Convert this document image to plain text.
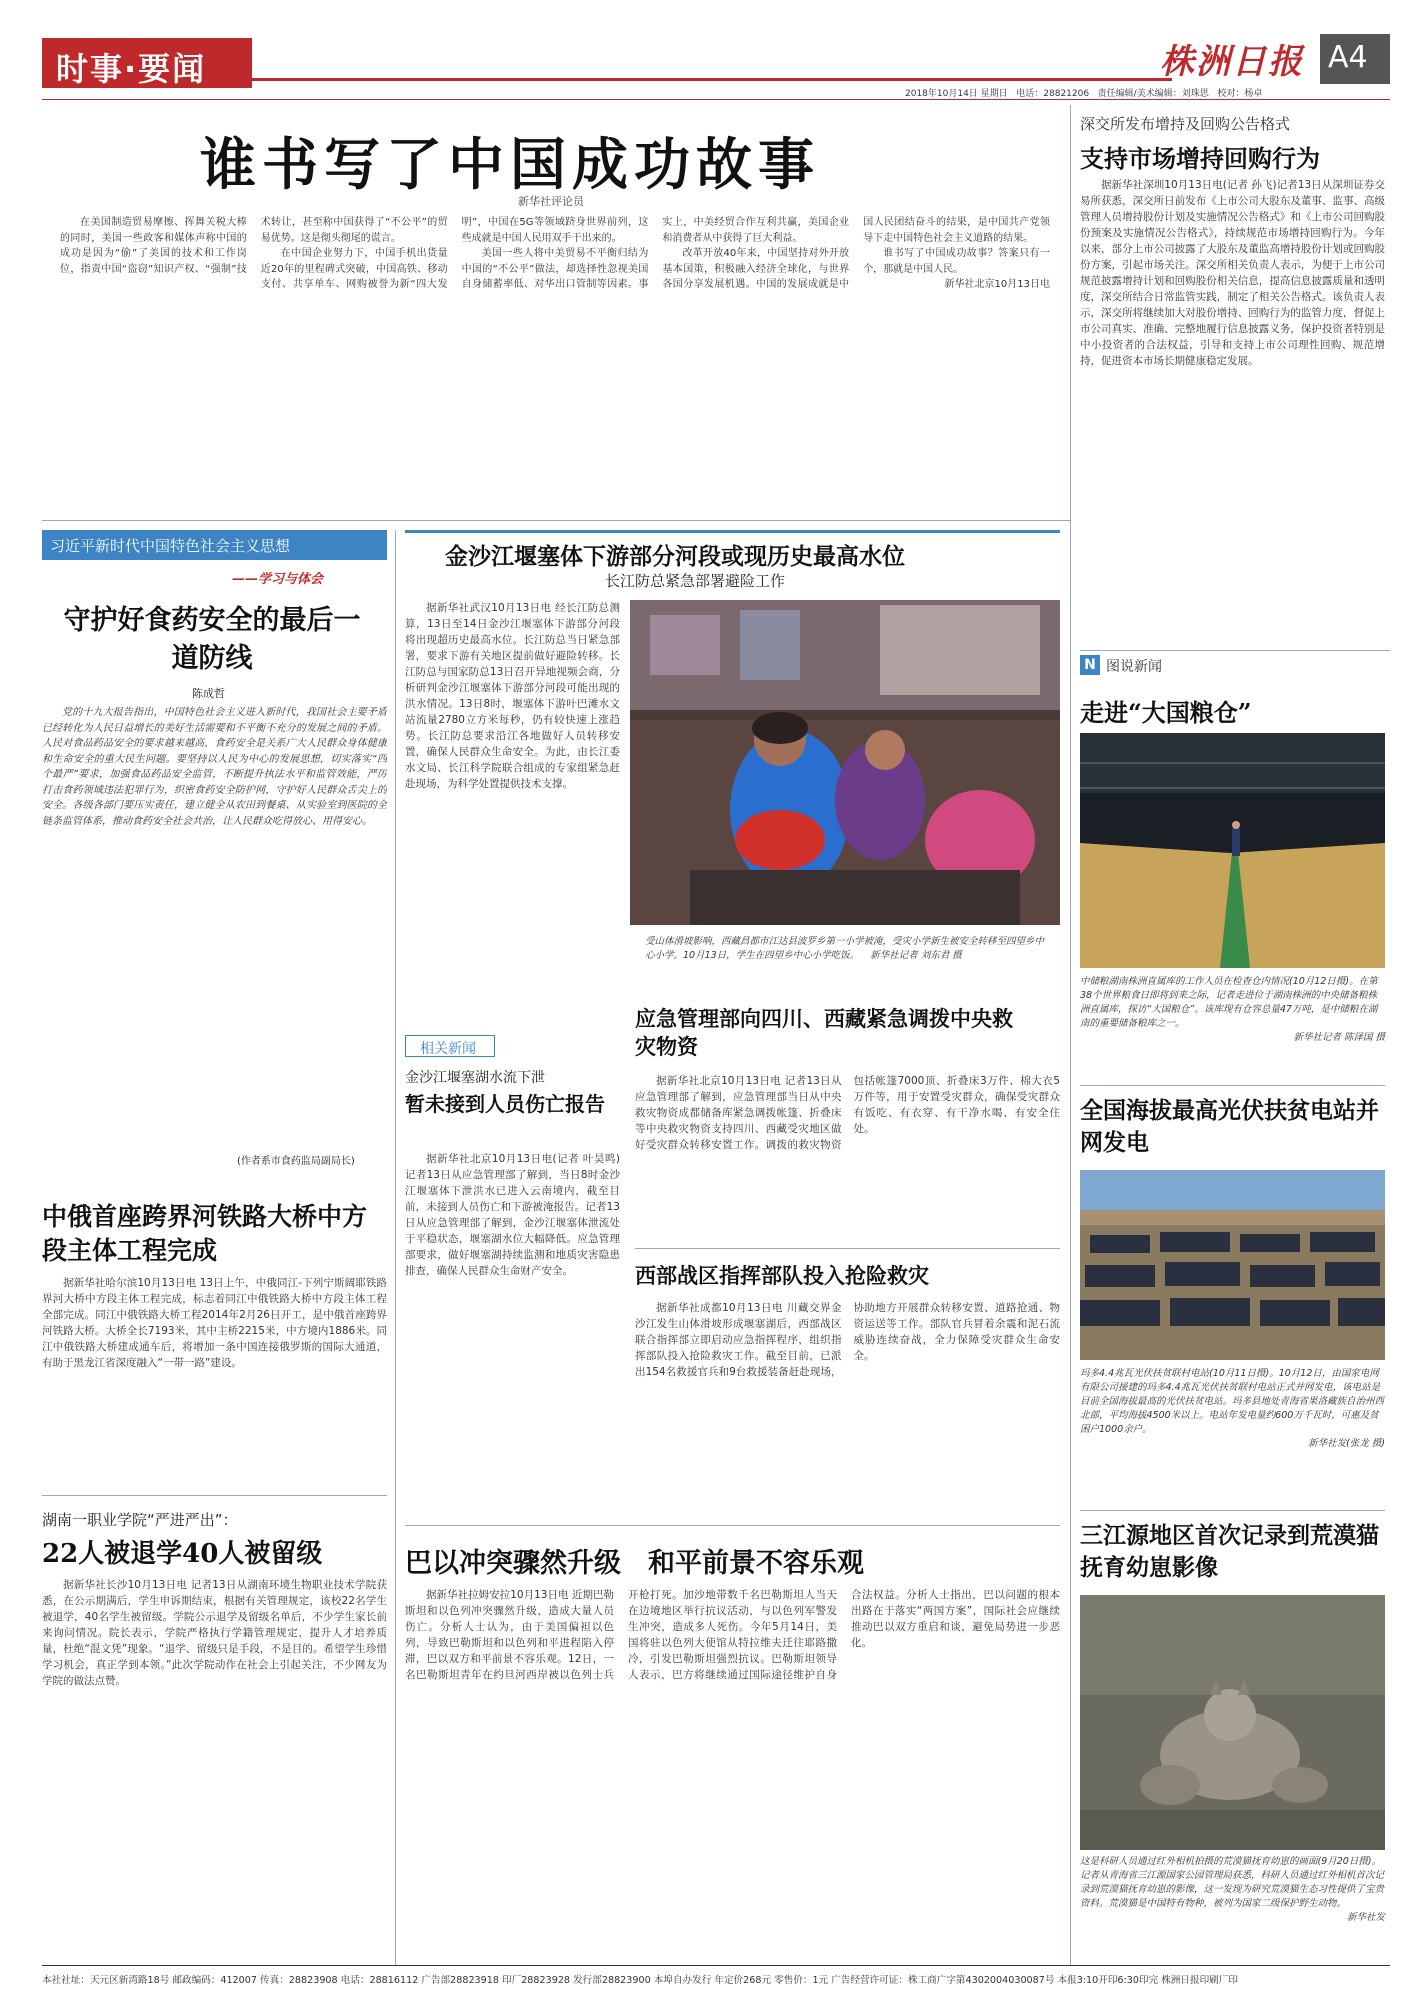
时事·要闻	株洲日报 A4
2018年10月14日 星期日 电话：28821206 责任编辑/美术编辑：刘珠思 校对：杨卓
谁书写了中国成功故事
新华社评论员

在美国制造贸易摩擦、挥舞关税大棒的同时，美国一些政客和媒体声称中国的成功是因为“偷”了美国的技术和工作岗位，指责中国“盗窃”知识产权、“强制”技术转让，甚至称中国获得了“不公平”的贸易优势。这是彻头彻尾的谎言。

在中国企业努力下，中国手机出货量近20年的里程碑式突破，中国高铁、移动支付、共享单车、网购被誉为新“四大发明”，中国在5G等领域跻身世界前列，这些成就是中国人民用双手干出来的。

美国一些人将中美贸易不平衡归结为中国的“不公平”做法，却选择性忽视美国自身储蓄率低、对华出口管制等因素。事实上，中美经贸合作互利共赢，美国企业和消费者从中获得了巨大利益。

改革开放40年来，中国坚持对外开放基本国策，积极融入经济全球化，与世界各国分享发展机遇。中国的发展成就是中国人民团结奋斗的结果，是中国共产党领导下走中国特色社会主义道路的结果。

谁书写了中国成功故事？答案只有一个，那就是中国人民。

新华社北京10月13日电

深交所发布增持及回购公告格式
支持市场增持回购行为
据新华社深圳10月13日电(记者 孙飞)记者13日从深圳证券交易所获悉，深交所日前发布《上市公司大股东及董事、监事、高级管理人员增持股份计划及实施情况公告格式》和《上市公司回购股份预案及实施情况公告格式》，持续规范市场增持回购行为。今年以来，部分上市公司披露了大股东及董监高增持股份计划或回购股份方案，引起市场关注。深交所相关负责人表示，为便于上市公司规范披露增持计划和回购股份相关信息，提高信息披露质量和透明度，深交所结合日常监管实践，制定了相关公告格式。该负责人表示，深交所将继续加大对股份增持、回购行为的监管力度，督促上市公司真实、准确、完整地履行信息披露义务，保护投资者特别是中小投资者的合法权益，引导和支持上市公司理性回购、规范增持，促进资本市场长期健康稳定发展。
习近平新时代中国特色社会主义思想
——学习与体会
守护好食药安全的最后一道防线
陈成哲
党的十九大报告指出，中国特色社会主义进入新时代，我国社会主要矛盾已经转化为人民日益增长的美好生活需要和不平衡不充分的发展之间的矛盾。人民对食品药品安全的要求越来越高，食药安全是关系广大人民群众身体健康和生命安全的重大民生问题。要坚持以人民为中心的发展思想，切实落实“四个最严”要求，加强食品药品安全监管，不断提升执法水平和监管效能，严厉打击食药领域违法犯罪行为，织密食药安全防护网，守护好人民群众舌尖上的安全。各级各部门要压实责任，建立健全从农田到餐桌、从实验室到医院的全链条监管体系，推动食药安全社会共治，让人民群众吃得放心、用得安心。
(作者系市食药监局副局长)
中俄首座跨界河铁路大桥中方段主体工程完成
据新华社哈尔滨10月13日电 13日上午，中俄同江-下列宁斯阔耶铁路界河大桥中方段主体工程完成，标志着同江中俄铁路大桥中方段主体工程全部完成。同江中俄铁路大桥工程2014年2月26日开工，是中俄首座跨界河铁路大桥。大桥全长7193米，其中主桥2215米，中方境内1886米。同江中俄铁路大桥建成通车后，将增加一条中国连接俄罗斯的国际大通道，有助于黑龙江省深度融入“一带一路”建设。
湖南一职业学院“严进严出”：
22人被退学40人被留级
据新华社长沙10月13日电 记者13日从湖南环境生物职业技术学院获悉，在公示期满后，学生申诉期结束，根据有关管理规定，该校22名学生被退学，40名学生被留级。学院公示退学及留级名单后，不少学生家长前来询问情况。院长表示，学院严格执行学籍管理规定，提升人才培养质量，杜绝“混文凭”现象。“退学、留级只是手段，不是目的。希望学生珍惜学习机会，真正学到本领。”此次学院动作在社会上引起关注，不少网友为学院的做法点赞。
金沙江堰塞体下游部分河段或现历史最高水位
长江防总紧急部署避险工作
据新华社武汉10月13日电 经长江防总测算，13日至14日金沙江堰塞体下游部分河段将出现超历史最高水位。长江防总当日紧急部署，要求下游有关地区提前做好避险转移。长江防总与国家防总13日召开异地视频会商，分析研判金沙江堰塞体下游部分河段可能出现的洪水情况。13日8时，堰塞体下游叶巴滩水文站流量2780立方米每秒，仍有较快速上涨趋势。长江防总要求沿江各地做好人员转移安置，确保人民群众生命安全。为此，由长江委水文局、长江科学院联合组成的专家组紧急赶赴现场，为科学处置提供技术支撑。
受山体滑坡影响，西藏昌都市江达县波罗乡第一小学被淹，受灾小学新生被安全转移至四望乡中心小学。10月13日，学生在四望乡中心小学吃饭。 新华社记者 刘东君 摄
相关新闻
金沙江堰塞湖水流下泄
暂未接到人员伤亡报告
据新华社北京10月13日电(记者 叶昊鸣)记者13日从应急管理部了解到，当日8时金沙江堰塞体下泄洪水已进入云南境内，截至目前，未接到人员伤亡和下游被淹报告。记者13日从应急管理部了解到，金沙江堰塞体泄流处于平稳状态，堰塞湖水位大幅降低。应急管理部要求，做好堰塞湖持续监测和地质灾害隐患排查，确保人民群众生命财产安全。
应急管理部向四川、西藏紧急调拨中央救灾物资
据新华社北京10月13日电 记者13日从应急管理部了解到，应急管理部当日从中央救灾物资成都储备库紧急调拨帐篷、折叠床等中央救灾物资支持四川、西藏受灾地区做好受灾群众转移安置工作。调拨的救灾物资包括帐篷7000顶、折叠床3万件、棉大衣5万件等，用于安置受灾群众，确保受灾群众有饭吃、有衣穿、有干净水喝、有安全住处。
西部战区指挥部队投入抢险救灾
据新华社成都10月13日电 川藏交界金沙江发生山体滑坡形成堰塞湖后，西部战区联合指挥部立即启动应急指挥程序，组织指挥部队投入抢险救灾工作。截至目前，已派出154名救援官兵和9台救援装备赶赴现场，协助地方开展群众转移安置、道路抢通、物资运送等工作。部队官兵冒着余震和泥石流威胁连续奋战，全力保障受灾群众生命安全。
巴以冲突骤然升级　和平前景不容乐观
据新华社拉姆安拉10月13日电 近期巴勒斯坦和以色列冲突骤然升级，造成大量人员伤亡。分析人士认为，由于美国偏袒以色列，导致巴勒斯坦和以色列和平进程陷入停滞，巴以双方和平前景不容乐观。12日，一名巴勒斯坦青年在约旦河西岸被以色列士兵开枪打死。加沙地带数千名巴勒斯坦人当天在边境地区举行抗议活动，与以色列军警发生冲突，造成多人死伤。今年5月14日，美国将驻以色列大使馆从特拉维夫迁往耶路撒冷，引发巴勒斯坦强烈抗议。巴勒斯坦领导人表示，巴方将继续通过国际途径维护自身合法权益。分析人士指出，巴以问题的根本出路在于落实“两国方案”，国际社会应继续推动巴以双方重启和谈，避免局势进一步恶化。
N 图说新闻
走进“大国粮仓”
中储粮湖南株洲直属库的工作人员在检查仓内情况(10月12日摄)。在第38个世界粮食日即将到来之际，记者走进位于湖南株洲的中央储备粮株洲直属库，探访“大国粮仓”。该库现有仓容总量47万吨，是中储粮在湖南的重要储备粮库之一。
新华社记者 陈泽国 摄
全国海拔最高光伏扶贫电站并网发电
玛多4.4兆瓦光伏扶贫联村电站(10月11日摄)。10月12日，由国家电网有限公司援建的玛多4.4兆瓦光伏扶贫联村电站正式并网发电，该电站是目前全国海拔最高的光伏扶贫电站。玛多县地处青海省果洛藏族自治州西北部，平均海拔4500米以上。电站年发电量约600万千瓦时，可惠及贫困户1000余户。
新华社发(张龙 摄)
三江源地区首次记录到荒漠猫抚育幼崽影像
这是科研人员通过红外相机拍摄的荒漠猫抚育幼崽的画面(9月20日摄)。记者从青海省三江源国家公园管理局获悉，科研人员通过红外相机首次记录到荒漠猫抚育幼崽的影像，这一发现为研究荒漠猫生态习性提供了宝贵资料。荒漠猫是中国特有物种，被列为国家二级保护野生动物。
新华社发
本社社址：天元区新湾路18号 邮政编码：412007 传真：28823908 电话：28816112 广告部28823918 印厂28823928 发行部28823900 本埠自办发行 年定价268元 零售价：1元 广告经营许可证：株工商广字第4302004030087号 本报3:10开印6:30印完 株洲日报印刷厂印
